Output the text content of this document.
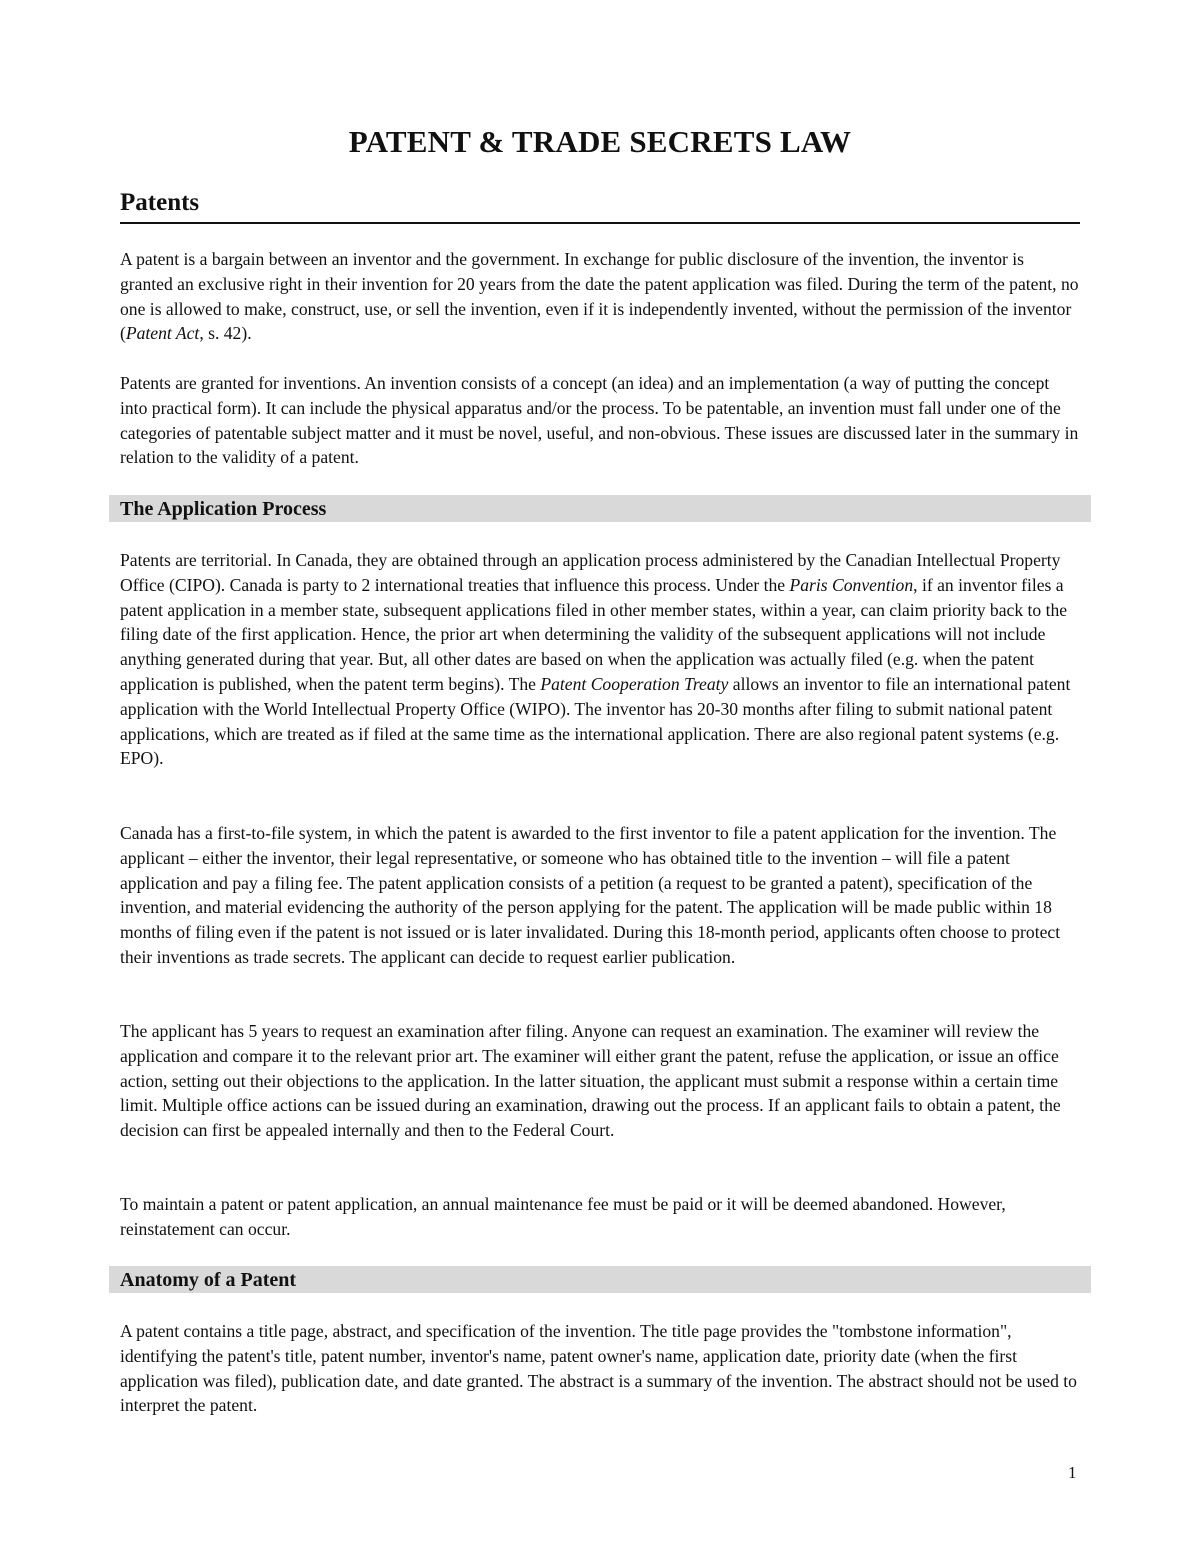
PATENT & TRADE SECRETS LAW
Patents

A patent is a bargain between an inventor and the government. In exchange for public disclosure of the invention, the inventor is granted an exclusive right in their invention for 20 years from the date the patent application was filed. During the term of the patent, no one is allowed to make, construct, use, or sell the invention, even if it is independently invented, without the permission of the inventor (Patent Act, s. 42).

Patents are granted for inventions. An invention consists of a concept (an idea) and an implementation (a way of putting the concept into practical form). It can include the physical apparatus and/or the process. To be patentable, an invention must fall under one of the categories of patentable subject matter and it must be novel, useful, and non-obvious. These issues are discussed later in the summary in relation to the validity of a patent.

The Application Process

Patents are territorial. In Canada, they are obtained through an application process administered by the Canadian Intellectual Property Office (CIPO). Canada is party to 2 international treaties that influence this process. Under the Paris Convention, if an inventor files a patent application in a member state, subsequent applications filed in other member states, within a year, can claim priority back to the filing date of the first application. Hence, the prior art when determining the validity of the subsequent applications will not include anything generated during that year. But, all other dates are based on when the application was actually filed (e.g. when the patent application is published, when the patent term begins). The Patent Cooperation Treaty allows an inventor to file an international patent application with the World Intellectual Property Office (WIPO). The inventor has 20-30 months after filing to submit national patent applications, which are treated as if filed at the same time as the international application. There are also regional patent systems (e.g. EPO).

Canada has a first-to-file system, in which the patent is awarded to the first inventor to file a patent application for the invention. The applicant – either the inventor, their legal representative, or someone who has obtained title to the invention – will file a patent application and pay a filing fee. The patent application consists of a petition (a request to be granted a patent), specification of the invention, and material evidencing the authority of the person applying for the patent. The application will be made public within 18 months of filing even if the patent is not issued or is later invalidated. During this 18-month period, applicants often choose to protect their inventions as trade secrets. The applicant can decide to request earlier publication.

The applicant has 5 years to request an examination after filing. Anyone can request an examination. The examiner will review the application and compare it to the relevant prior art. The examiner will either grant the patent, refuse the application, or issue an office action, setting out their objections to the application. In the latter situation, the applicant must submit a response within a certain time limit. Multiple office actions can be issued during an examination, drawing out the process. If an applicant fails to obtain a patent, the decision can first be appealed internally and then to the Federal Court.

To maintain a patent or patent application, an annual maintenance fee must be paid or it will be deemed abandoned. However, reinstatement can occur.

Anatomy of a Patent

A patent contains a title page, abstract, and specification of the invention. The title page provides the "tombstone information", identifying the patent's title, patent number, inventor's name, patent owner's name, application date, priority date (when the first application was filed), publication date, and date granted. The abstract is a summary of the invention. The abstract should not be used to interpret the patent.

1
